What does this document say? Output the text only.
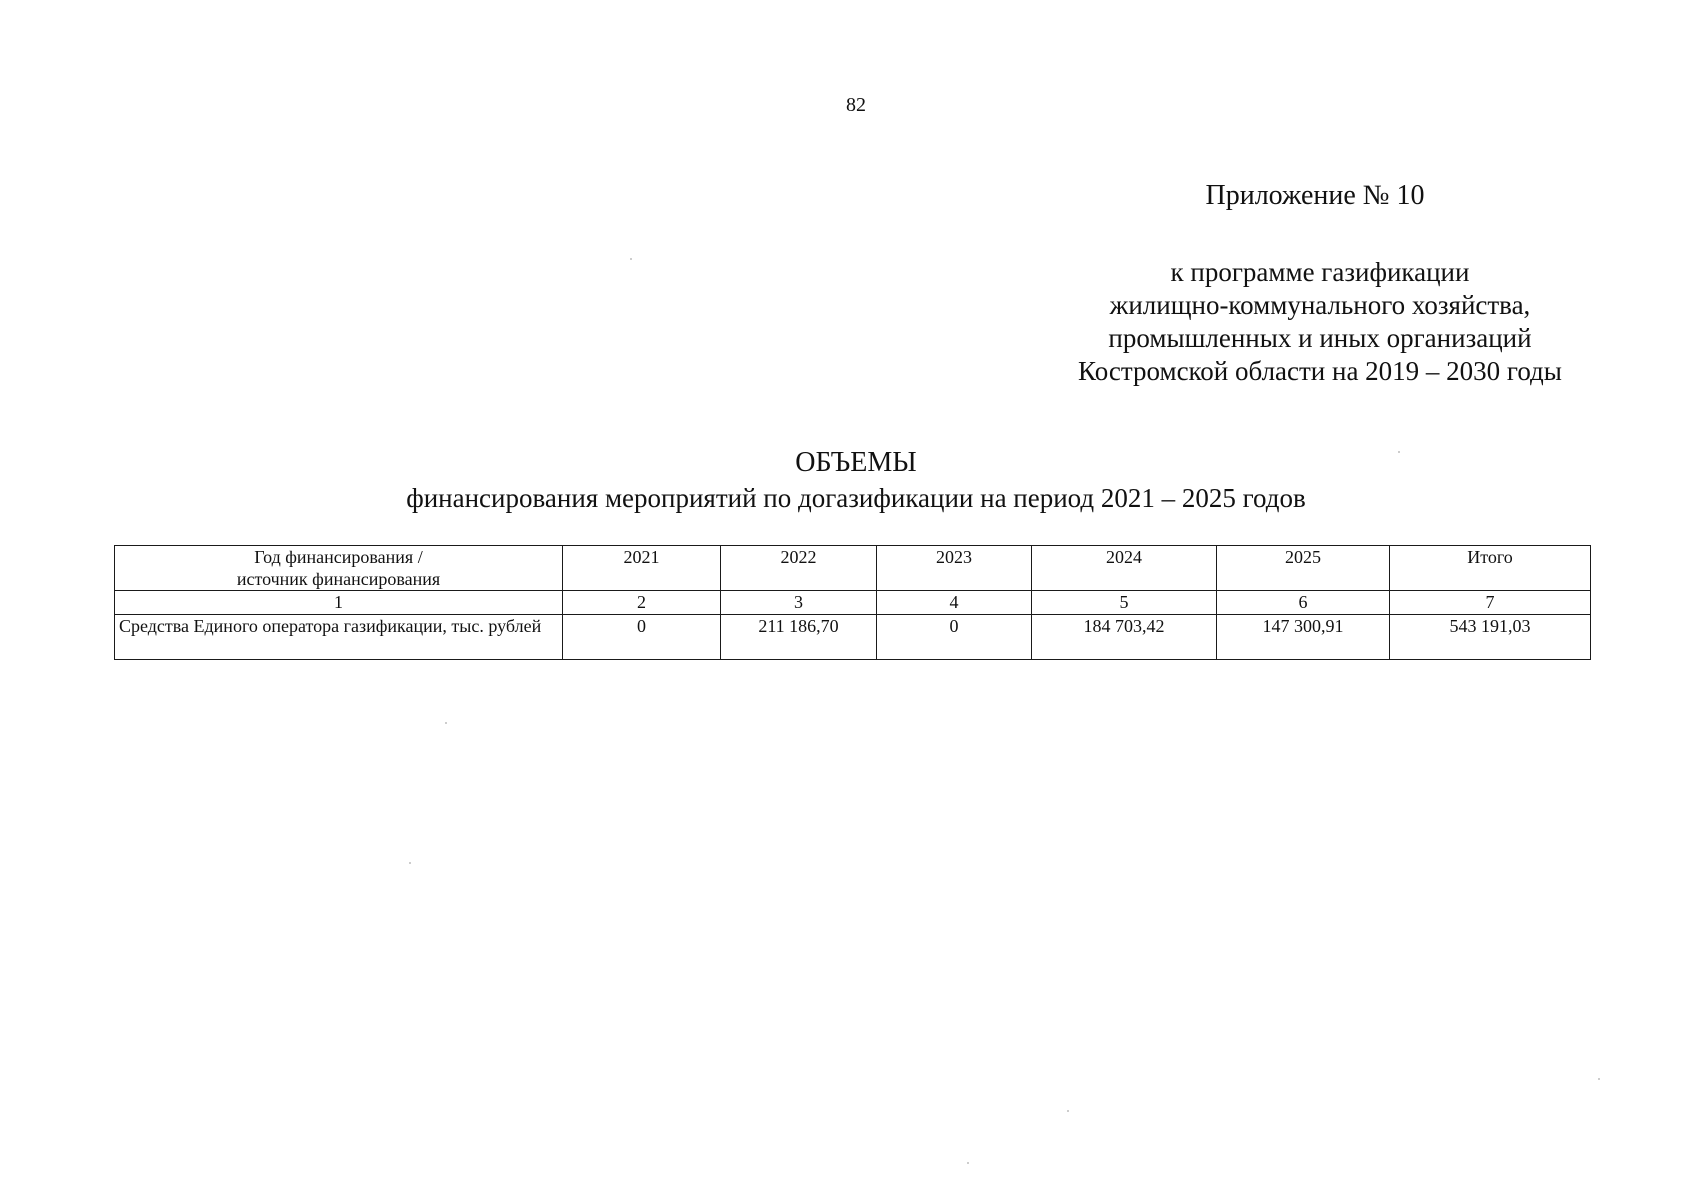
82
Приложение № 10
к программе газификации
жилищно-коммунального хозяйства,
промышленных и иных организаций
Костромской области на 2019 – 2030 годы
ОБЪЕМЫ
финансирования мероприятий по догазификации на период 2021 – 2025 годов
Год финансирования /
источник финансирования	2021	2022	2023	2024	2025	Итого
1	2	3	4	5	6	7
Средства Единого оператора газификации, тыс. рублей	0	211 186,70	0	184 703,42	147 300,91	543 191,03
